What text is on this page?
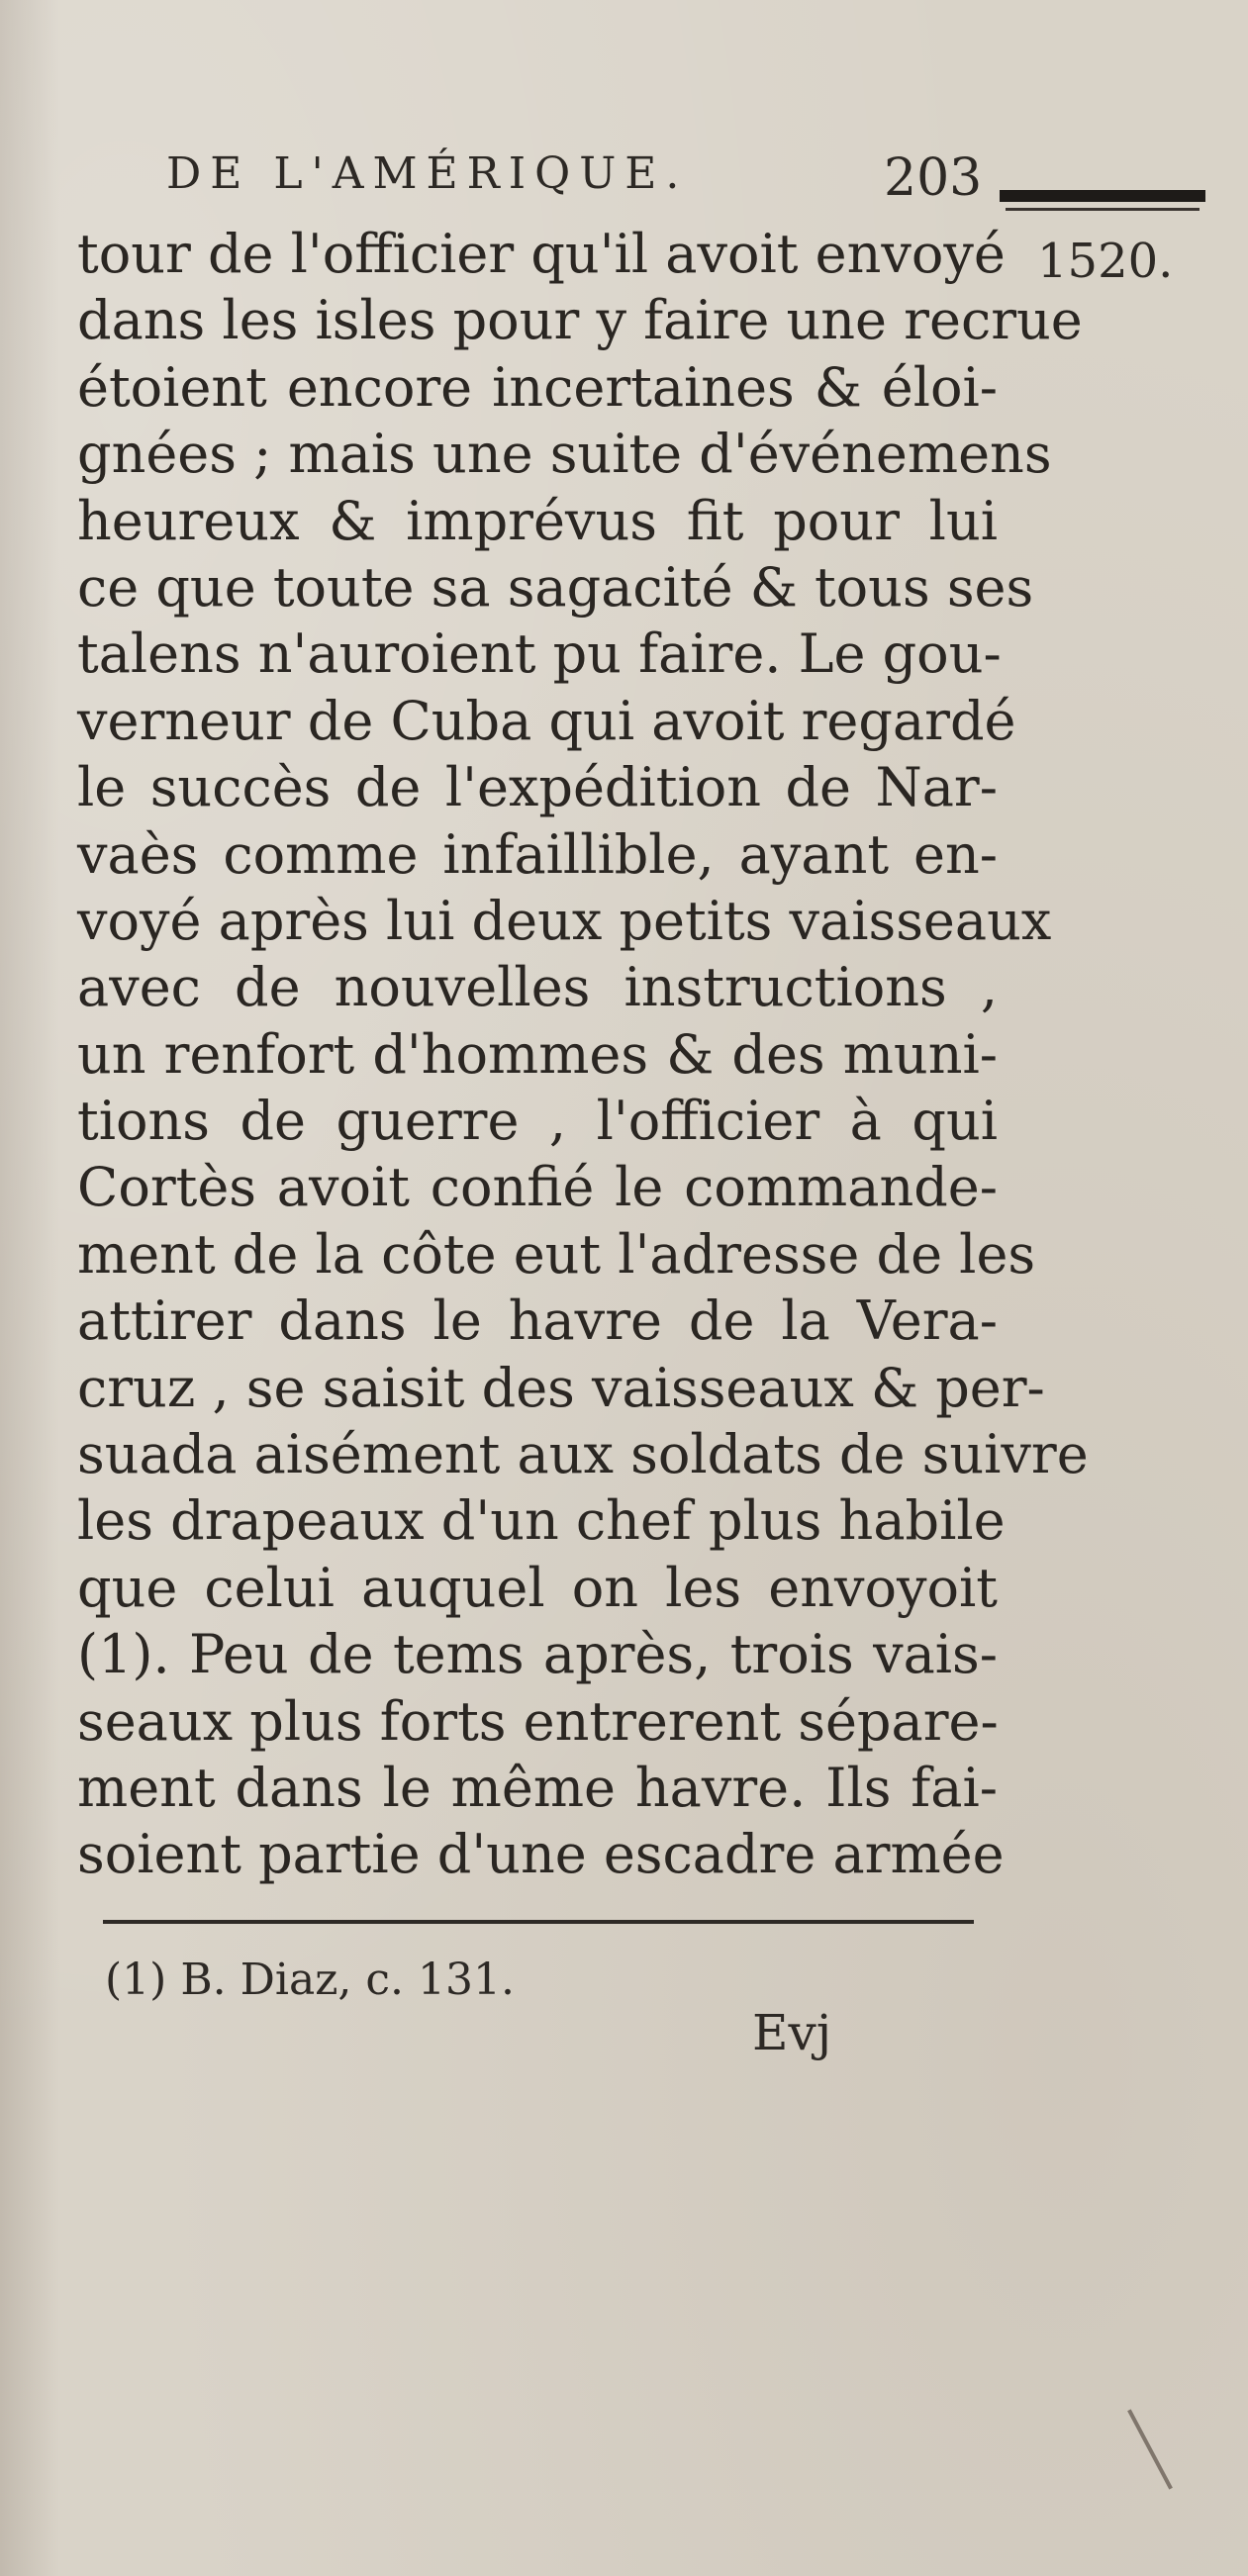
DE L'AMÉRIQUE.	203
1520.
tour de l'officier qu'il avoit envoyé
dans les isles pour y faire une recrue
étoient encore incertaines & éloi-
gnées ; mais une suite d'événemens
heureux & imprévus fit pour lui
ce que toute sa sagacité & tous ses
talens n'auroient pu faire. Le gou-
verneur de Cuba qui avoit regardé
le succès de l'expédition de Nar-
vaès comme infaillible, ayant en-
voyé après lui deux petits vaisseaux
avec de nouvelles instructions ,
un renfort d'hommes & des muni-
tions de guerre , l'officier à qui
Cortès avoit confié le commande-
ment de la côte eut l'adresse de les
attirer dans le havre de la Vera-
cruz , se saisit des vaisseaux & per-
suada aisément aux soldats de suivre
les drapeaux d'un chef plus habile
que celui auquel on les envoyoit
(1). Peu de tems après, trois vais-
seaux plus forts entrerent sépare-
ment dans le même havre. Ils fai-
soient partie d'une escadre armée
(1) B. Diaz, c. 131.
Evj
